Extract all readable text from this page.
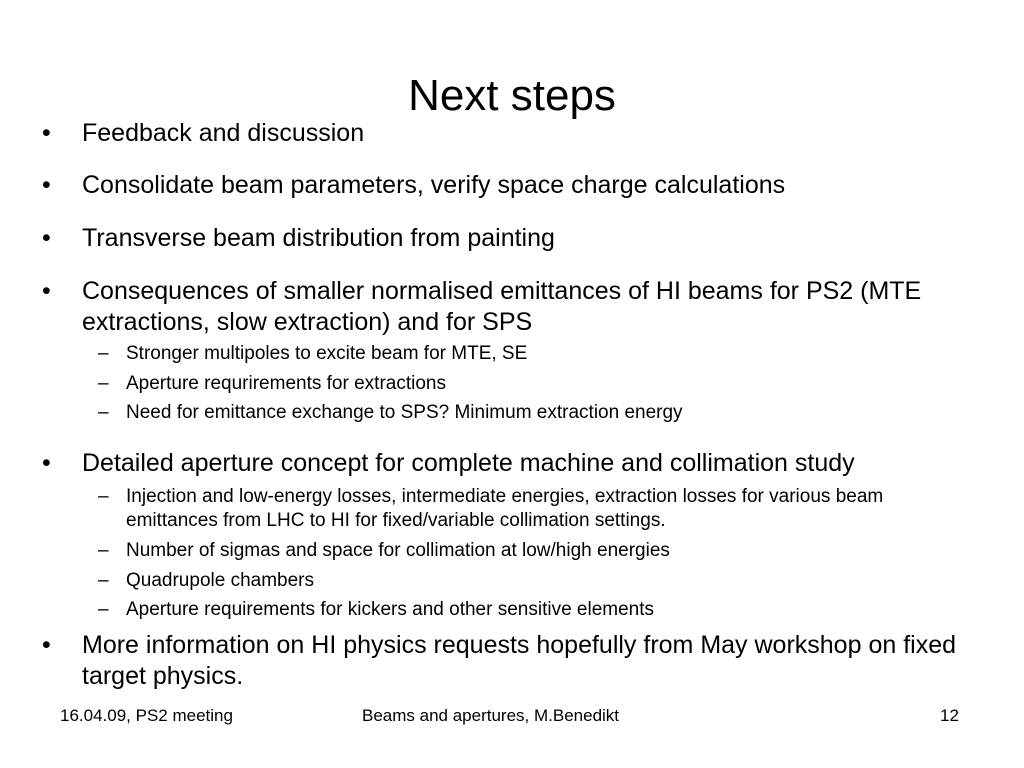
Next steps
•	Feedback and discussion
•	Consolidate beam parameters, verify space charge calculations
•	Transverse beam distribution from painting
•	Consequences of smaller normalised emittances of HI beams for PS2 (MTE extractions, slow extraction) and for SPS
– Stronger multipoles to excite beam for MTE, SE
– Aperture requrirements for extractions
– Need for emittance exchange to SPS? Minimum extraction energy
•	Detailed aperture concept for complete machine and collimation study
– Injection and low-energy losses, intermediate energies, extraction losses for various beam emittances from LHC to HI for fixed/variable collimation settings.
– Number of sigmas and space for collimation at low/high energies
– Quadrupole chambers
– Aperture requirements for kickers and other sensitive elements
•	More information on HI physics requests hopefully from May workshop on fixed target physics.
16.04.09, PS2 meeting	Beams and apertures, M.Benedikt	12
